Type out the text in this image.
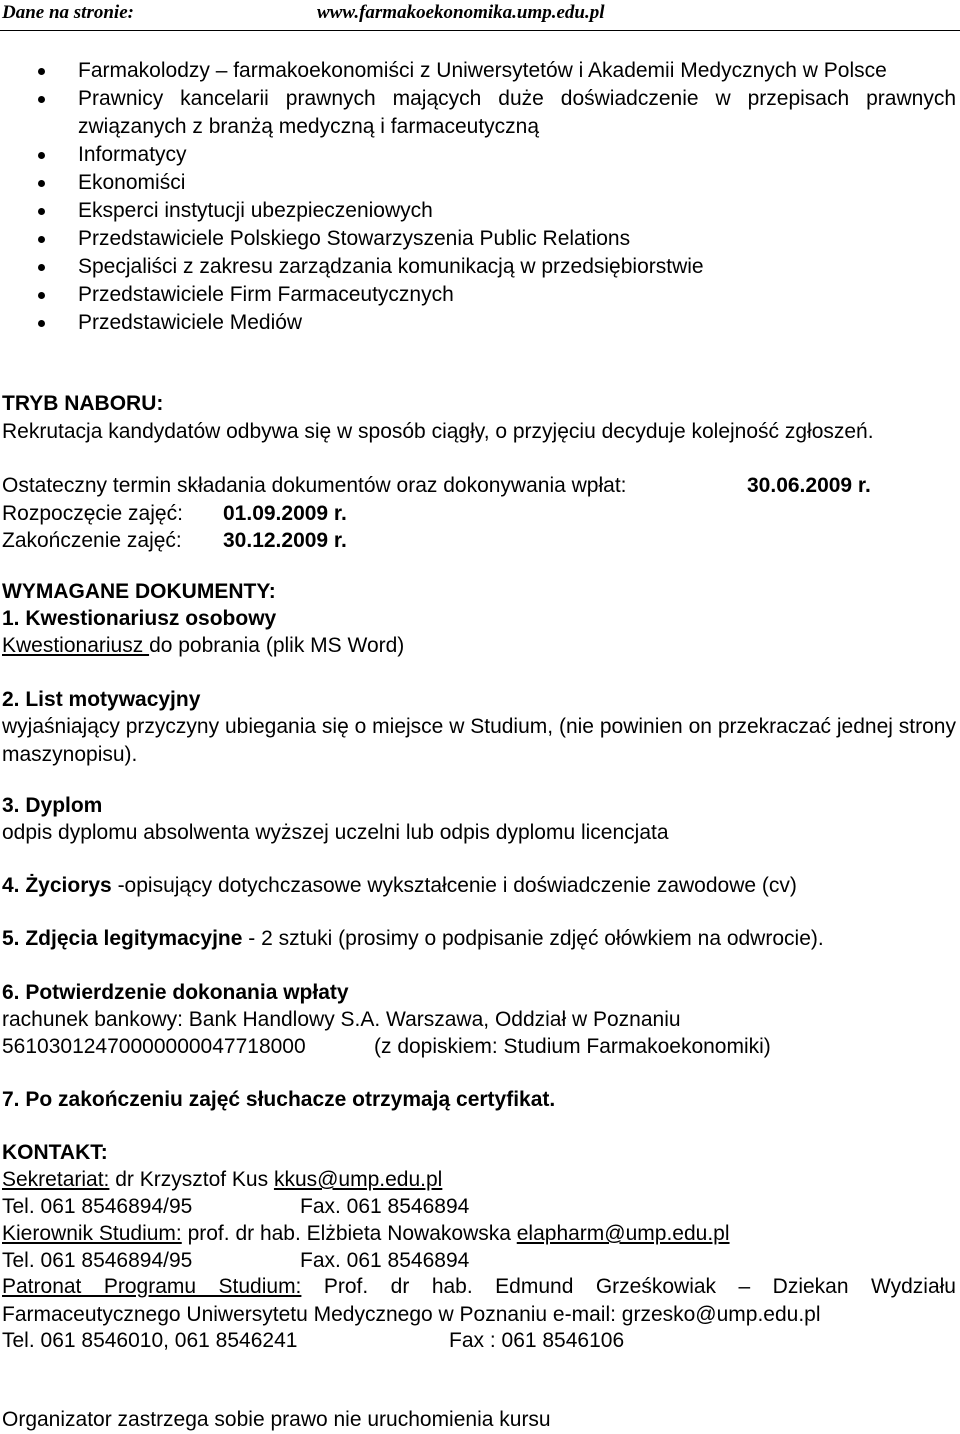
Dane na stronie:	www.farmakoekonomika.ump.edu.pl
Farmakolodzy – farmakoekonomiści z Uniwersytetów i Akademii Medycznych w Polsce
Prawnicy kancelarii prawnych mających duże doświadczenie w przepisach prawnych związanych z branżą medyczną i farmaceutyczną
Informatycy
Ekonomiści
Eksperci instytucji ubezpieczeniowych
Przedstawiciele Polskiego Stowarzyszenia Public Relations
Specjaliści z zakresu zarządzania komunikacją w przedsiębiorstwie
Przedstawiciele Firm Farmaceutycznych
Przedstawiciele Mediów
TRYB NABORU:
Rekrutacja kandydatów odbywa się w sposób ciągły, o przyjęciu decyduje kolejność zgłoszeń.
Ostateczny termin składania dokumentów oraz dokonywania wpłat:	30.06.2009 r.
Rozpoczęcie zajęć: 01.09.2009 r.
Zakończenie zajęć: 30.12.2009 r.
WYMAGANE DOKUMENTY:
1. Kwestionariusz osobowy
Kwestionariusz do pobrania (plik MS Word)
2. List motywacyjny
wyjaśniający przyczyny ubiegania się o miejsce w Studium, (nie powinien on przekraczać jednej strony maszynopisu).
3. Dyplom
odpis dyplomu absolwenta wyższej uczelni lub odpis dyplomu licencjata
4. Życiorys -opisujący dotychczasowe wykształcenie i doświadczenie zawodowe (cv)
5. Zdjęcia legitymacyjne - 2 sztuki (prosimy o podpisanie zdjęć ołówkiem na odwrocie).
6. Potwierdzenie dokonania wpłaty
rachunek bankowy: Bank Handlowy S.A. Warszawa, Oddział w Poznaniu
56103012470000000047718000	(z dopiskiem: Studium Farmakoekonomiki)
7. Po zakończeniu zajęć słuchacze otrzymają certyfikat.
KONTAKT:
Sekretariat: dr Krzysztof Kus kkus@ump.edu.pl
Tel. 061 8546894/95	Fax. 061 8546894
Kierownik Studium: prof. dr hab. Elżbieta Nowakowska elapharm@ump.edu.pl
Tel. 061 8546894/95	Fax. 061 8546894
Patronat Programu Studium: Prof. dr hab. Edmund Grześkowiak – Dziekan Wydziału Farmaceutycznego Uniwersytetu Medycznego w Poznaniu e-mail: grzesko@ump.edu.pl
Tel. 061 8546010, 061 8546241	Fax : 061 8546106
Organizator zastrzega sobie prawo nie uruchomienia kursu
